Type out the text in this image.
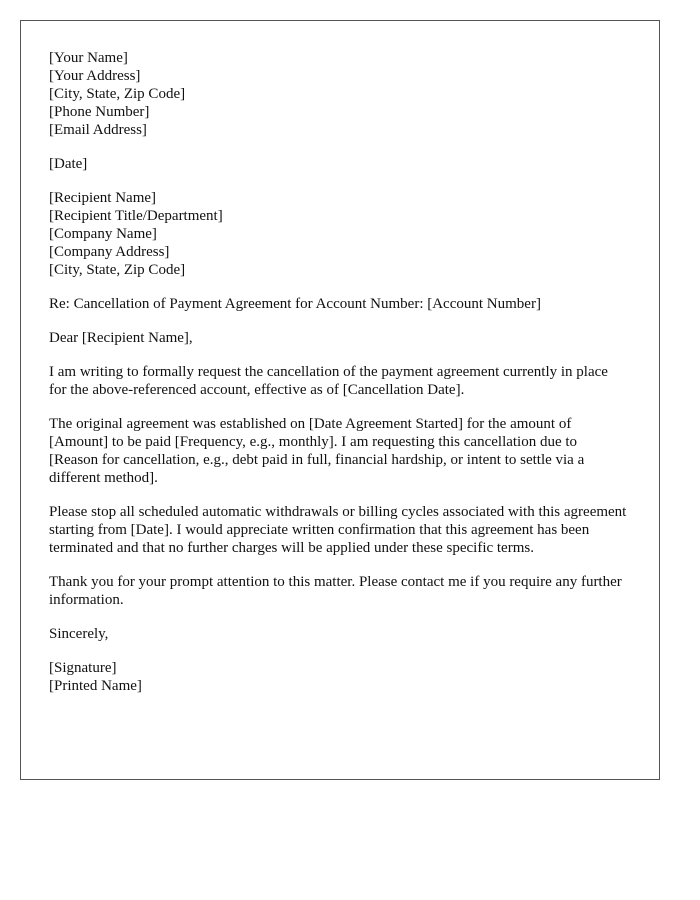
[Your Name]
[Your Address]
[City, State, Zip Code]
[Phone Number]
[Email Address]
[Date]
[Recipient Name]
[Recipient Title/Department]
[Company Name]
[Company Address]
[City, State, Zip Code]

Re: Cancellation of Payment Agreement for Account Number: [Account Number]

Dear [Recipient Name],

I am writing to formally request the cancellation of the payment agreement currently in place for the above-referenced account, effective as of [Cancellation Date].

The original agreement was established on [Date Agreement Started] for the amount of [Amount] to be paid [Frequency, e.g., monthly]. I am requesting this cancellation due to [Reason for cancellation, e.g., debt paid in full, financial hardship, or intent to settle via a different method].

Please stop all scheduled automatic withdrawals or billing cycles associated with this agreement starting from [Date]. I would appreciate written confirmation that this agreement has been terminated and that no further charges will be applied under these specific terms.

Thank you for your prompt attention to this matter. Please contact me if you require any further information.

Sincerely,

[Signature]
[Printed Name]
